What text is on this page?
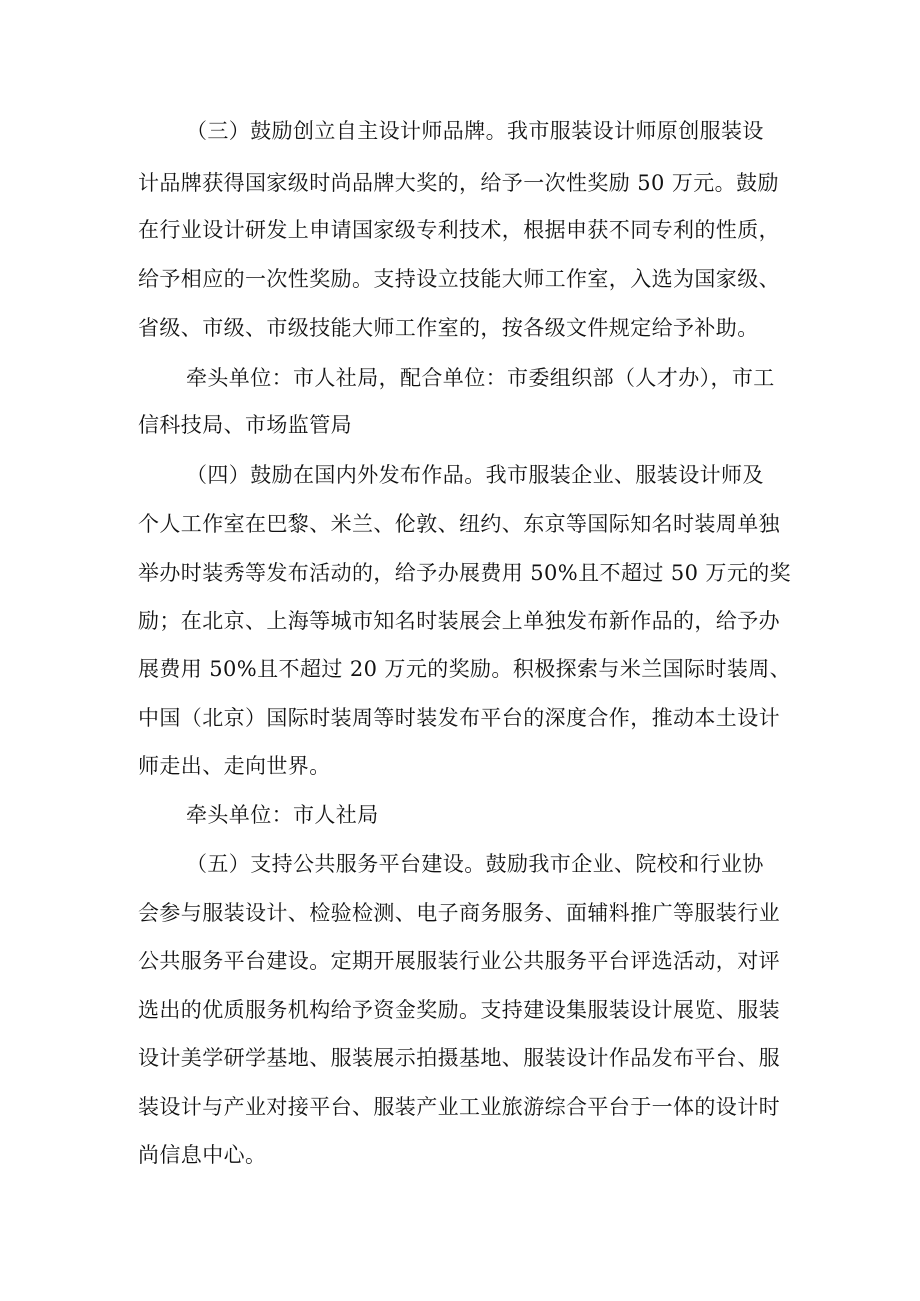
（三）鼓励创立自主设计师品牌。我市服装设计师原创服装设
计品牌获得国家级时尚品牌大奖的，给予一次性奖励 50 万元。鼓励
在行业设计研发上申请国家级专利技术，根据申获不同专利的性质，
给予相应的一次性奖励。支持设立技能大师工作室，入选为国家级、
省级、市级、市级技能大师工作室的，按各级文件规定给予补助。
牵头单位：市人社局，配合单位：市委组织部（人才办），市工
信科技局、市场监管局
（四）鼓励在国内外发布作品。我市服装企业、服装设计师及
个人工作室在巴黎、米兰、伦敦、纽约、东京等国际知名时装周单独
举办时装秀等发布活动的，给予办展费用 50%且不超过 50 万元的奖
励；在北京、上海等城市知名时装展会上单独发布新作品的，给予办
展费用 50%且不超过 20 万元的奖励。积极探索与米兰国际时装周、
中国（北京）国际时装周等时装发布平台的深度合作，推动本土设计
师走出、走向世界。
牵头单位：市人社局
（五）支持公共服务平台建设。鼓励我市企业、院校和行业协
会参与服装设计、检验检测、电子商务服务、面辅料推广等服装行业
公共服务平台建设。定期开展服装行业公共服务平台评选活动，对评
选出的优质服务机构给予资金奖励。支持建设集服装设计展览、服装
设计美学研学基地、服装展示拍摄基地、服装设计作品发布平台、服
装设计与产业对接平台、服装产业工业旅游综合平台于一体的设计时
尚信息中心。
